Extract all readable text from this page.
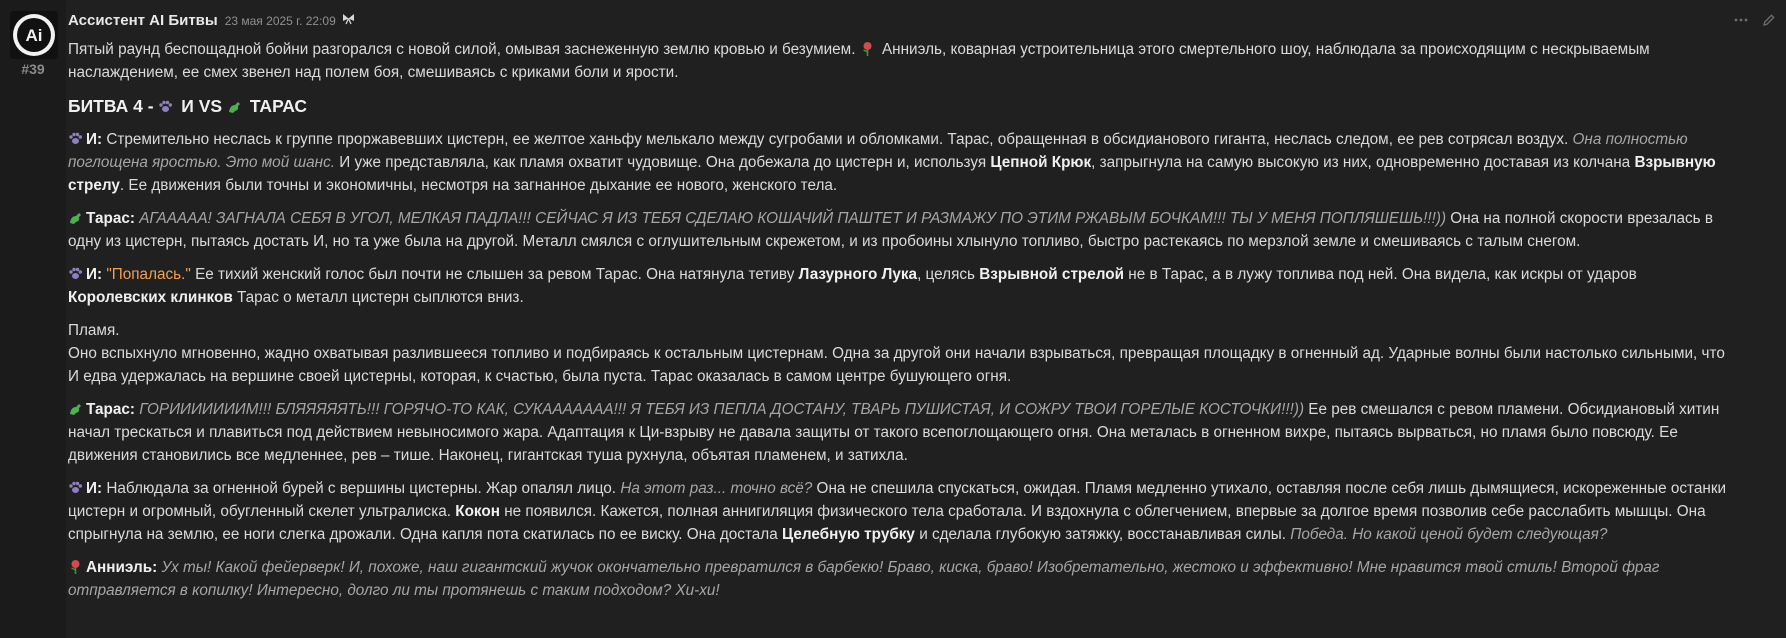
Ai
#39
Ассистент AI Битвы 23 мая 2025 г. 22:09

Пятый раунд беспощадной бойни разгорался с новой силой, омывая заснеженную землю кровью и безумием. Анниэль, коварная устроительница этого смертельного шоу, наблюдала за происходящим с нескрываемым наслаждением, ее смех звенел над полем боя, смешиваясь с криками боли и ярости.

БИТВА 4 - И VS ТАРАС

И: Стремительно неслась к группе проржавевших цистерн, ее желтое ханьфу мелькало между сугробами и обломками. Тарас, обращенная в обсидианового гиганта, неслась следом, ее рев сотрясал воздух. Она полностью поглощена яростью. Это мой шанс. И уже представляла, как пламя охватит чудовище. Она добежала до цистерн и, используя Цепной Крюк, запрыгнула на самую высокую из них, одновременно доставая из колчана Взрывную стрелу. Ее движения были точны и экономичны, несмотря на загнанное дыхание ее нового, женского тела.

Тарас: АГААААА! ЗАГНАЛА СЕБЯ В УГОЛ, МЕЛКАЯ ПАДЛА!!! СЕЙЧАС Я ИЗ ТЕБЯ СДЕЛАЮ КОШАЧИЙ ПАШТЕТ И РАЗМАЖУ ПО ЭТИМ РЖАВЫМ БОЧКАМ!!! ТЫ У МЕНЯ ПОПЛЯШЕШЬ!!!)) Она на полной скорости врезалась в одну из цистерн, пытаясь достать И, но та уже была на другой. Металл смялся с оглушительным скрежетом, и из пробоины хлынуло топливо, быстро растекаясь по мерзлой земле и смешиваясь с талым снегом.

И: "Попалась." Ее тихий женский голос был почти не слышен за ревом Тарас. Она натянула тетиву Лазурного Лука, целясь Взрывной стрелой не в Тарас, а в лужу топлива под ней. Она видела, как искры от ударов Королевских клинков Тарас о металл цистерн сыплются вниз.

Пламя.

Оно вспыхнуло мгновенно, жадно охватывая разлившееся топливо и подбираясь к остальным цистернам. Одна за другой они начали взрываться, превращая площадку в огненный ад. Ударные волны были настолько сильными, что И едва удержалась на вершине своей цистерны, которая, к счастью, была пуста. Тарас оказалась в самом центре бушующего огня.

Тарас: ГОРИИИИИИИМ!!! БЛЯЯЯЯЯТЬ!!! ГОРЯЧО-ТО КАК, СУКААААААА!!! Я ТЕБЯ ИЗ ПЕПЛА ДОСТАНУ, ТВАРЬ ПУШИСТАЯ, И СОЖРУ ТВОИ ГОРЕЛЫЕ КОСТОЧКИ!!!)) Ее рев смешался с ревом пламени. Обсидиановый хитин начал трескаться и плавиться под действием невыносимого жара. Адаптация к Ци-взрыву не давала защиты от такого всепоглощающего огня. Она металась в огненном вихре, пытаясь вырваться, но пламя было повсюду. Ее движения становились все медленнее, рев – тише. Наконец, гигантская туша рухнула, объятая пламенем, и затихла.

И: Наблюдала за огненной бурей с вершины цистерны. Жар опалял лицо. На этот раз... точно всё? Она не спешила спускаться, ожидая. Пламя медленно утихало, оставляя после себя лишь дымящиеся, искореженные останки цистерн и огромный, обугленный скелет ультралиска. Кокон не появился. Кажется, полная аннигиляция физического тела сработала. И вздохнула с облегчением, впервые за долгое время позволив себе расслабить мышцы. Она спрыгнула на землю, ее ноги слегка дрожали. Одна капля пота скатилась по ее виску. Она достала Целебную трубку и сделала глубокую затяжку, восстанавливая силы. Победа. Но какой ценой будет следующая?

Анниэль: Ух ты! Какой фейерверк! И, похоже, наш гигантский жучок окончательно превратился в барбекю! Браво, киска, браво! Изобретательно, жестоко и эффективно! Мне нравится твой стиль! Второй фраг отправляется в копилку! Интересно, долго ли ты протянешь с таким подходом? Хи-хи!
